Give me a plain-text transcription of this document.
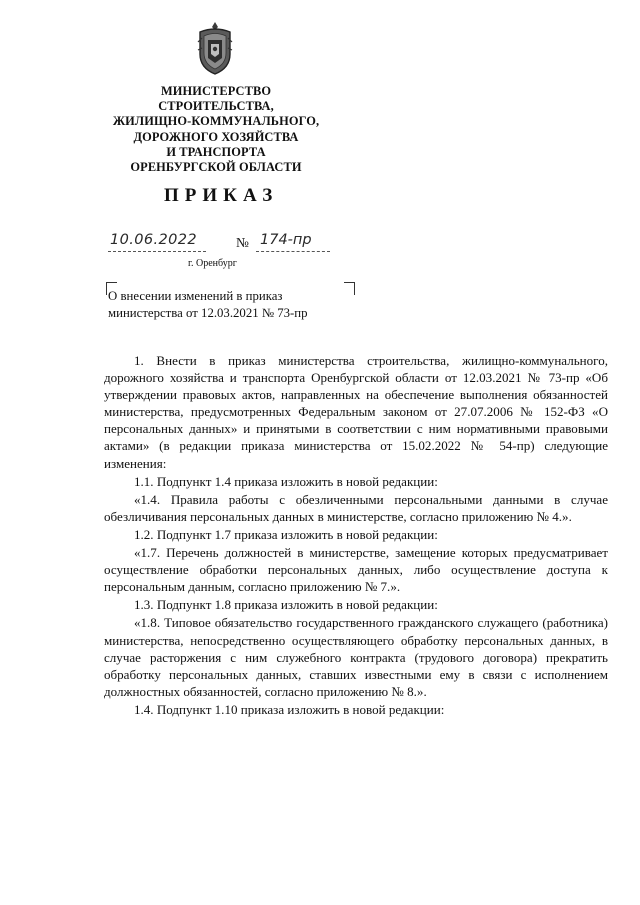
МИНИСТЕРСТВО
СТРОИТЕЛЬСТВА,
ЖИЛИЩНО-КОММУНАЛЬНОГО,
ДОРОЖНОГО ХОЗЯЙСТВА
И ТРАНСПОРТА
ОРЕНБУРГСКОЙ ОБЛАСТИ
ПРИКАЗ
10.06.2022	№ 174-пр
г. Оренбург
О внесении изменений в приказ
министерства от 12.03.2021 № 73-пр

1. Внести в приказ министерства строительства, жилищно-коммунального, дорожного хозяйства и транспорта Оренбургской области от 12.03.2021 № 73-пр «Об утверждении правовых актов, направленных на обеспечение выполнения обязанностей министерства, предусмотренных Федеральным законом от 27.07.2006 № 152-ФЗ «О персональных данных» и принятыми в соответствии с ним нормативными правовыми актами» (в редакции приказа министерства от 15.02.2022 № 54-пр) следующие изменения:

1.1. Подпункт 1.4 приказа изложить в новой редакции:

«1.4. Правила работы с обезличенными персональными данными в случае обезличивания персональных данных в министерстве, согласно приложению № 4.».

1.2. Подпункт 1.7 приказа изложить в новой редакции:

«1.7. Перечень должностей в министерстве, замещение которых предусматривает осуществление обработки персональных данных, либо осуществление доступа к персональным данным, согласно приложению № 7.».

1.3. Подпункт 1.8 приказа изложить в новой редакции:

«1.8. Типовое обязательство государственного гражданского служащего (работника) министерства, непосредственно осуществляющего обработку персональных данных, в случае расторжения с ним служебного контракта (трудового договора) прекратить обработку персональных данных, ставших известными ему в связи с исполнением должностных обязанностей, согласно приложению № 8.».

1.4. Подпункт 1.10 приказа изложить в новой редакции:
